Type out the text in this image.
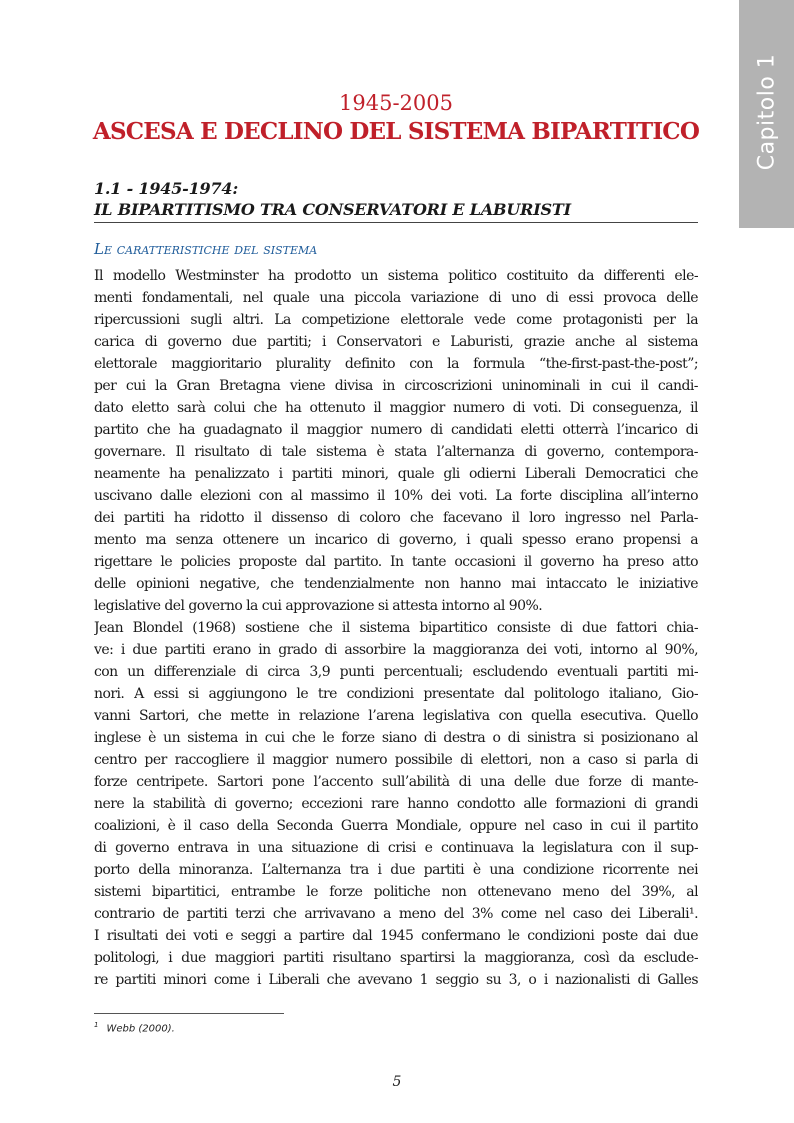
Capitolo 1
1945-2005
ASCESA E DECLINO DEL SISTEMA BIPARTITICO
1.1 - 1945-1974:
IL BIPARTITISMO TRA CONSERVATORI E LABURISTI
Le caratteristiche del sistema
Il modello Westminster ha prodotto un sistema politico costituito da differenti ele-
menti fondamentali, nel quale una piccola variazione di uno di essi provoca delle
ripercussioni sugli altri. La competizione elettorale vede come protagonisti per la
carica di governo due partiti; i Conservatori e Laburisti, grazie anche al sistema
elettorale maggioritario plurality definito con la formula “the-first-past-the-post”;
per cui la Gran Bretagna viene divisa in circoscrizioni uninominali in cui il candi-
dato eletto sarà colui che ha ottenuto il maggior numero di voti. Di conseguenza, il
partito che ha guadagnato il maggior numero di candidati eletti otterrà l’incarico di
governare. Il risultato di tale sistema è stata l’alternanza di governo, contempora-
neamente ha penalizzato i partiti minori, quale gli odierni Liberali Democratici che
uscivano dalle elezioni con al massimo il 10% dei voti. La forte disciplina all’interno
dei partiti ha ridotto il dissenso di coloro che facevano il loro ingresso nel Parla-
mento ma senza ottenere un incarico di governo, i quali spesso erano propensi a
rigettare le policies proposte dal partito. In tante occasioni il governo ha preso atto
delle opinioni negative, che tendenzialmente non hanno mai intaccato le iniziative
legislative del governo la cui approvazione si attesta intorno al 90%.
Jean Blondel (1968) sostiene che il sistema bipartitico consiste di due fattori chia-
ve: i due partiti erano in grado di assorbire la maggioranza dei voti, intorno al 90%,
con un differenziale di circa 3,9 punti percentuali; escludendo eventuali partiti mi-
nori. A essi si aggiungono le tre condizioni presentate dal politologo italiano, Gio-
vanni Sartori, che mette in relazione l’arena legislativa con quella esecutiva. Quello
inglese è un sistema in cui che le forze siano di destra o di sinistra si posizionano al
centro per raccogliere il maggior numero possibile di elettori, non a caso si parla di
forze centripete. Sartori pone l’accento sull’abilità di una delle due forze di mante-
nere la stabilità di governo; eccezioni rare hanno condotto alle formazioni di grandi
coalizioni, è il caso della Seconda Guerra Mondiale, oppure nel caso in cui il partito
di governo entrava in una situazione di crisi e continuava la legislatura con il sup-
porto della minoranza. L’alternanza tra i due partiti è una condizione ricorrente nei
sistemi bipartitici, entrambe le forze politiche non ottenevano meno del 39%, al
contrario de partiti terzi che arrivavano a meno del 3% come nel caso dei Liberali¹.
I risultati dei voti e seggi a partire dal 1945 confermano le condizioni poste dai due
politologi, i due maggiori partiti risultano spartirsi la maggioranza, così da esclude-
re partiti minori come i Liberali che avevano 1 seggio su 3, o i nazionalisti di Galles
$^1$ Webb (2000).
5
